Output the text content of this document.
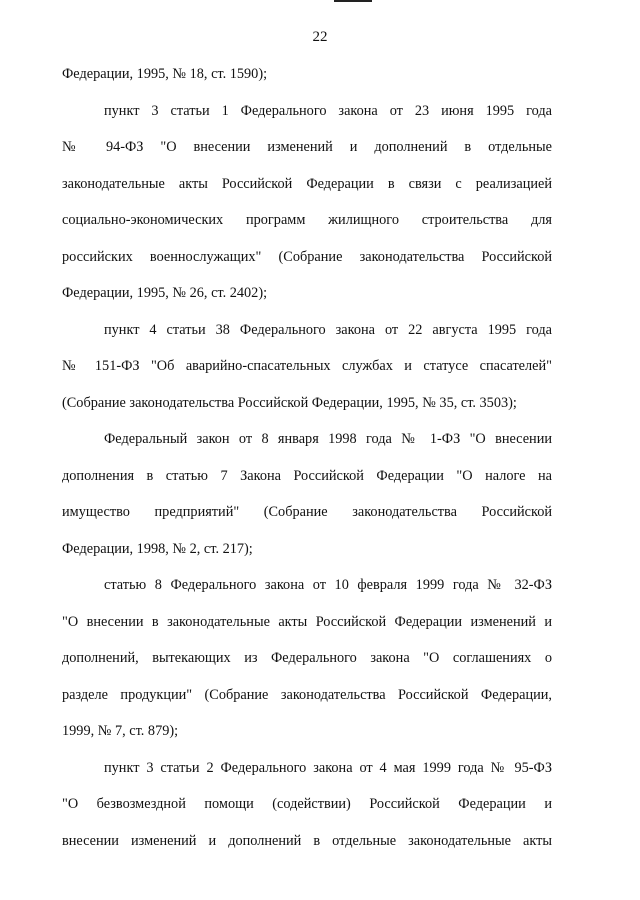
22
Федерации, 1995, № 18, ст. 1590);
пункт 3 статьи 1 Федерального закона от 23 июня 1995 года
№ 94-ФЗ "О внесении изменений и дополнений в отдельные
законодательные акты Российской Федерации в связи с реализацией
социально-экономических программ жилищного строительства для
российских военнослужащих" (Собрание законодательства Российской
Федерации, 1995, № 26, ст. 2402);
пункт 4 статьи 38 Федерального закона от 22 августа 1995 года
№ 151-ФЗ "Об аварийно-спасательных службах и статусе спасателей"
(Собрание законодательства Российской Федерации, 1995, № 35, ст. 3503);
Федеральный закон от 8 января 1998 года № 1-ФЗ "О внесении
дополнения в статью 7 Закона Российской Федерации "О налоге на
имущество предприятий" (Собрание законодательства Российской
Федерации, 1998, № 2, ст. 217);
статью 8 Федерального закона от 10 февраля 1999 года № 32-ФЗ
"О внесении в законодательные акты Российской Федерации изменений и
дополнений, вытекающих из Федерального закона "О соглашениях о
разделе продукции" (Собрание законодательства Российской Федерации,
1999, № 7, ст. 879);
пункт 3 статьи 2 Федерального закона от 4 мая 1999 года № 95-ФЗ
"О безвозмездной помощи (содействии) Российской Федерации и
внесении изменений и дополнений в отдельные законодательные акты
